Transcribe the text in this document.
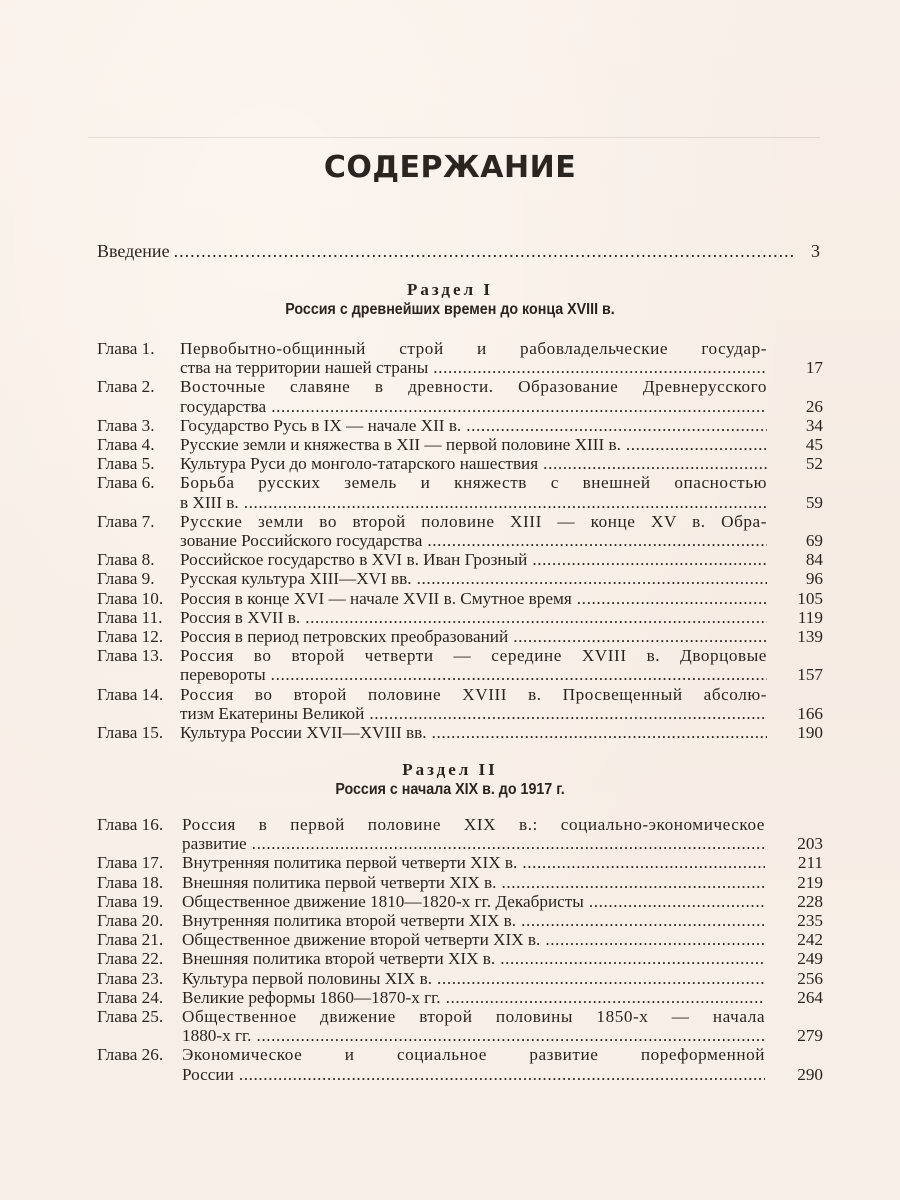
СОДЕРЖАНИЕ
Введение .....	3
Раздел I
Россия с древнейших времен до конца XVIII в.
Глава 1. Первобытно-общинный строй и рабовладельческие государ-
ства на территории нашей страны .....	17
Глава 2. Восточные славяне в древности. Образование Древнерусского
государства .....	26
Глава 3. Государство Русь в IX — начале XII в. .....	34
Глава 4. Русские земли и княжества в XII — первой половине XIII в. .....	45
Глава 5. Культура Руси до монголо-татарского нашествия .....	52
Глава 6. Борьба русских земель и княжеств с внешней опасностью
в XIII в. .....	59
Глава 7. Русские земли во второй половине XIII — конце XV в. Обра-
зование Российского государства .....	69
Глава 8. Российское государство в XVI в. Иван Грозный .....	84
Глава 9. Русская культура XIII—XVI вв. .....	96
Глава 10. Россия в конце XVI — начале XVII в. Смутное время .....	105
Глава 11. Россия в XVII в. .....	119
Глава 12. Россия в период петровских преобразований .....	139
Глава 13. Россия во второй четверти — середине XVIII в. Дворцовые
перевороты .....	157
Глава 14. Россия во второй половине XVIII в. Просвещенный абсолю-
тизм Екатерины Великой .....	166
Глава 15. Культура России XVII—XVIII вв. .....	190
Раздел II
Россия с начала XIX в. до 1917 г.
Глава 16. Россия в первой половине XIX в.: социально-экономическое
развитие .....	203
Глава 17. Внутренняя политика первой четверти XIX в. .....	211
Глава 18. Внешняя политика первой четверти XIX в. .....	219
Глава 19. Общественное движение 1810—1820-х гг. Декабристы .....	228
Глава 20. Внутренняя политика второй четверти XIX в. .....	235
Глава 21. Общественное движение второй четверти XIX в. .....	242
Глава 22. Внешняя политика второй четверти XIX в. .....	249
Глава 23. Культура первой половины XIX в. .....	256
Глава 24. Великие реформы 1860—1870-х гг. .....	264
Глава 25. Общественное движение второй половины 1850-х — начала
1880-х гг. .....	279
Глава 26. Экономическое и социальное развитие пореформенной
России .....	290
